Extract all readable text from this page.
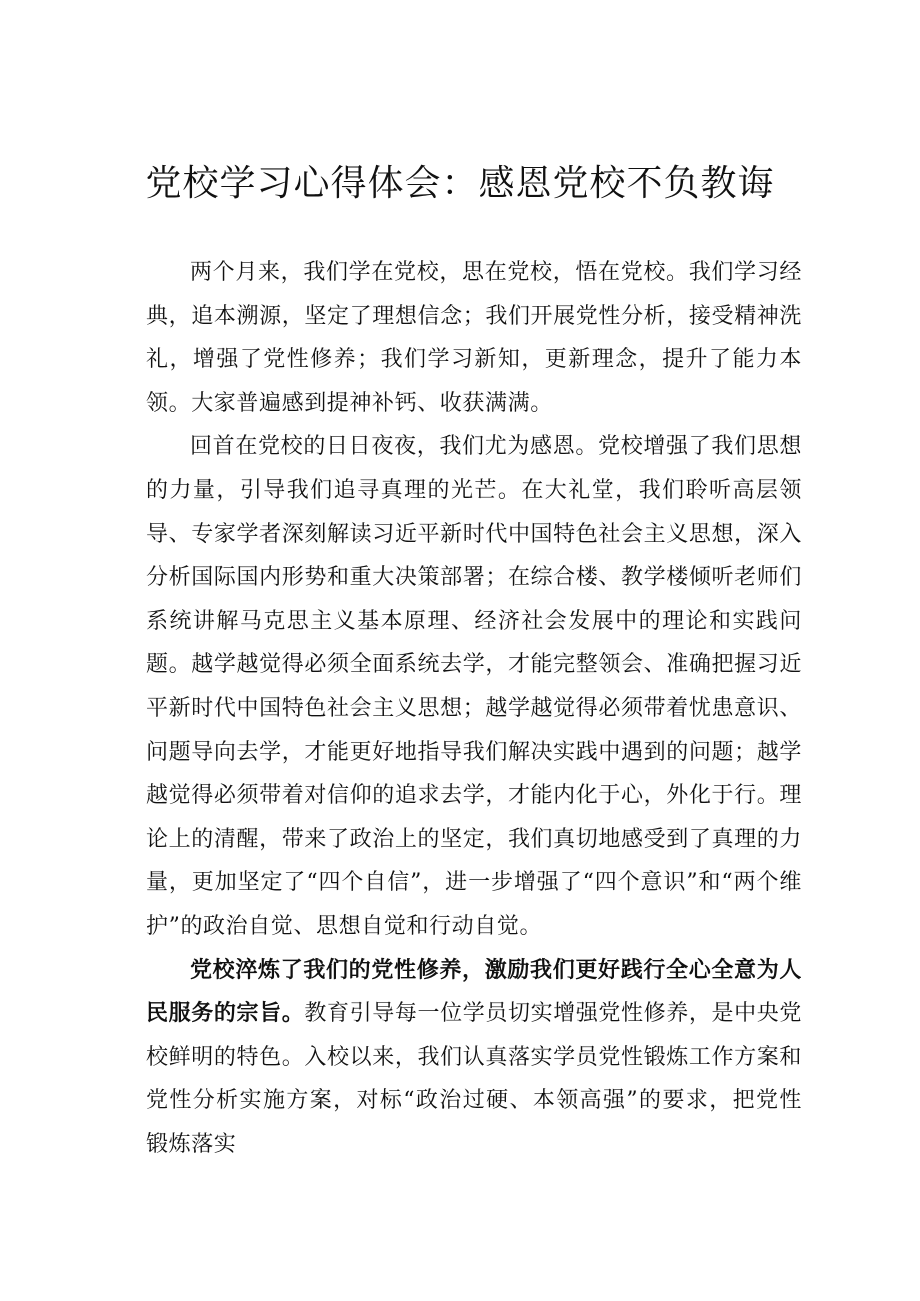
党校学习心得体会：感恩党校不负教诲

两个月来，我们学在党校，思在党校，悟在党校。我们学习经典，追本溯源，坚定了理想信念；我们开展党性分析，接受精神洗礼，增强了党性修养；我们学习新知，更新理念，提升了能力本领。大家普遍感到提神补钙、收获满满。

回首在党校的日日夜夜，我们尤为感恩。党校增强了我们思想的力量，引导我们追寻真理的光芒。在大礼堂，我们聆听高层领导、专家学者深刻解读习近平新时代中国特色社会主义思想，深入分析国际国内形势和重大决策部署；在综合楼、教学楼倾听老师们系统讲解马克思主义基本原理、经济社会发展中的理论和实践问题。越学越觉得必须全面系统去学，才能完整领会、准确把握习近平新时代中国特色社会主义思想；越学越觉得必须带着忧患意识、问题导向去学，才能更好地指导我们解决实践中遇到的问题；越学越觉得必须带着对信仰的追求去学，才能内化于心，外化于行。理论上的清醒，带来了政治上的坚定，我们真切地感受到了真理的力量，更加坚定了“四个自信”，进一步增强了“四个意识”和“两个维护”的政治自觉、思想自觉和行动自觉。

党校淬炼了我们的党性修养，激励我们更好践行全心全意为人民服务的宗旨。教育引导每一位学员切实增强党性修养，是中央党校鲜明的特色。入校以来，我们认真落实学员党性锻炼工作方案和党性分析实施方案，对标“政治过硬、本领高强”的要求，把党性锻炼落实
